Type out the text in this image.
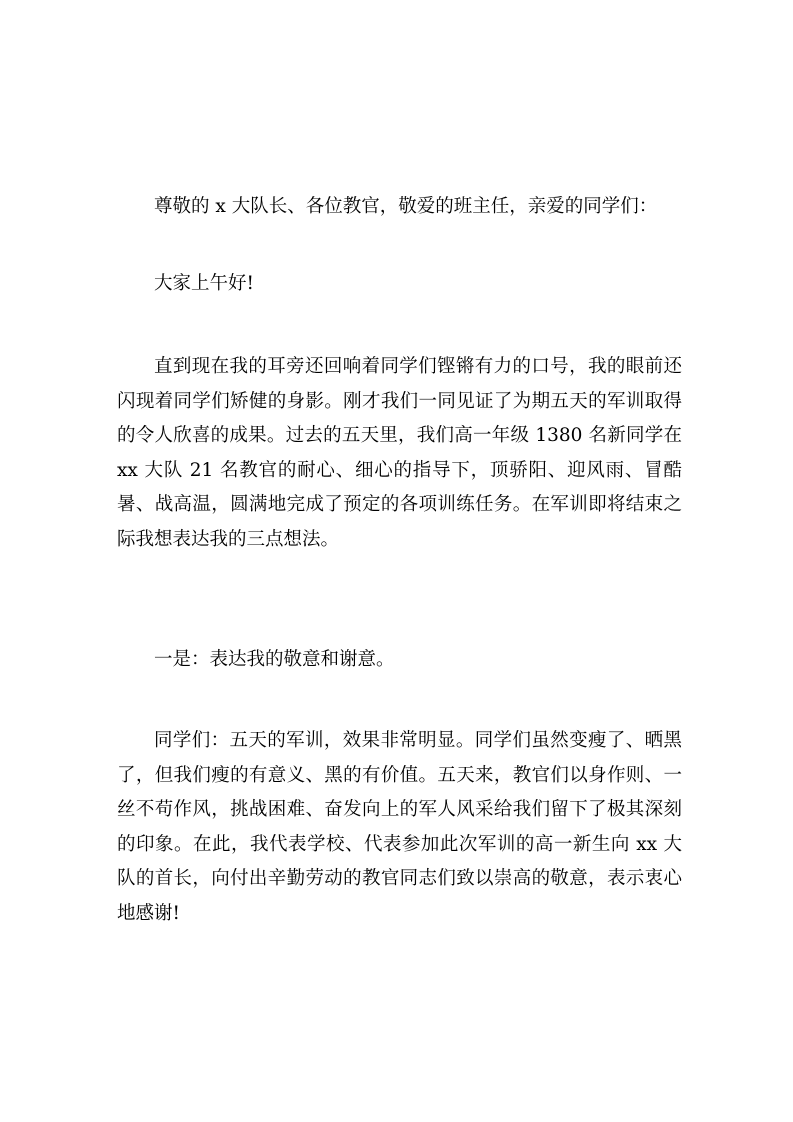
尊敬的 x 大队长、各位教官，敬爱的班主任，亲爱的同学们：

大家上午好!

直到现在我的耳旁还回响着同学们铿锵有力的口号，我的眼前还闪现着同学们矫健的身影。刚才我们一同见证了为期五天的军训取得的令人欣喜的成果。过去的五天里，我们高一年级 1380 名新同学在 xx 大队 21 名教官的耐心、细心的指导下，顶骄阳、迎风雨、冒酷暑、战高温，圆满地完成了预定的各项训练任务。在军训即将结束之际我想表达我的三点想法。

一是：表达我的敬意和谢意。

同学们：五天的军训，效果非常明显。同学们虽然变瘦了、晒黑了，但我们瘦的有意义、黑的有价值。五天来，教官们以身作则、一丝不苟作风，挑战困难、奋发向上的军人风采给我们留下了极其深刻的印象。在此，我代表学校、代表参加此次军训的高一新生向 xx 大队的首长，向付出辛勤劳动的教官同志们致以崇高的敬意，表示衷心地感谢!
